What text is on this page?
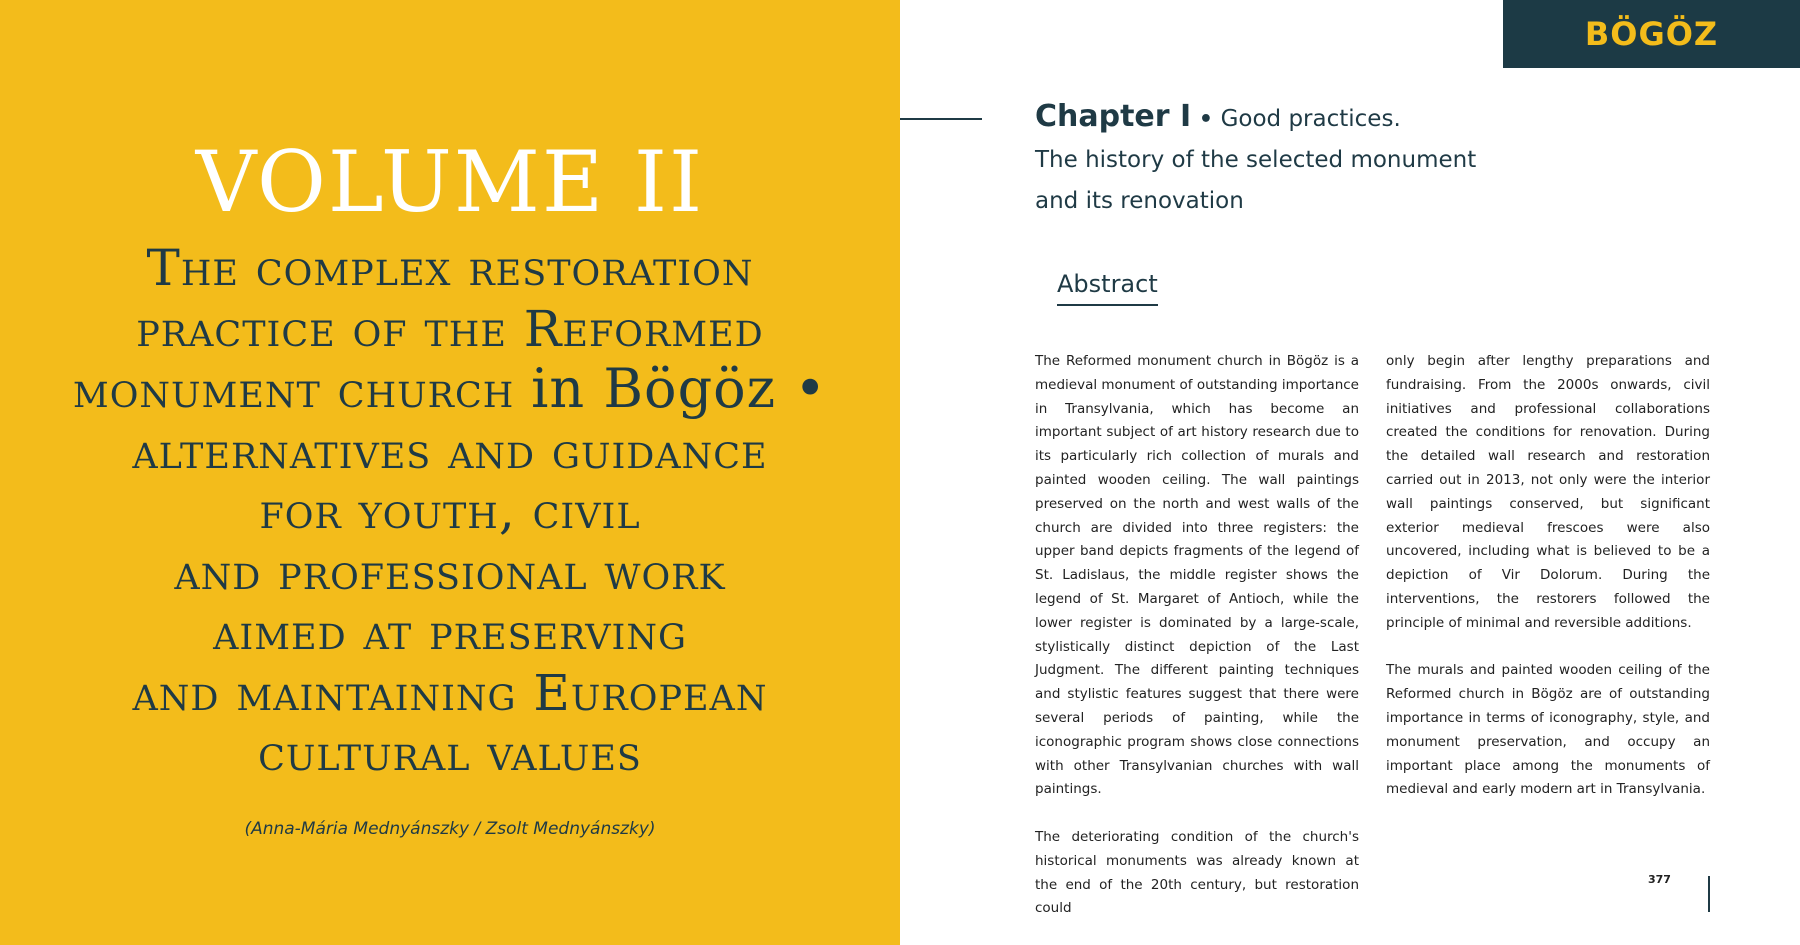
VOLUME II
The complex restoration
practice of the Reformed
monument church in Bögöz •
alternatives and guidance
for youth, civil
and professional work
aimed at preserving
and maintaining European
cultural values
(Anna-Mária Mednyánszky / Zsolt Mednyánszky)
BÖGÖZ
Chapter I • Good practices.
The history of the selected monument
and its renovation
Abstract

The Reformed monument church in Bögöz is a medieval monument of outstanding importance in Transylvania, which has become an important subject of art history research due to its particularly rich collection of murals and painted wooden ceiling. The wall paintings preserved on the north and west walls of the church are divided into three registers: the upper band depicts fragments of the legend of St. Ladislaus, the middle register shows the legend of St. Margaret of Antioch, while the lower register is dominated by a large-scale, stylistically distinct depiction of the Last Judgment. The different painting techniques and stylistic features suggest that there were several periods of painting, while the iconographic program shows close connections with other Transylvanian churches with wall paintings.

The deteriorating condition of the church's historical monuments was already known at the end of the 20th century, but restoration could

only begin after lengthy preparations and fundraising. From the 2000s onwards, civil initiatives and professional collaborations created the conditions for renovation. During the detailed wall research and restoration carried out in 2013, not only were the interior wall paintings conserved, but significant exterior medieval frescoes were also uncovered, including what is believed to be a depiction of Vir Dolorum. During the interventions, the restorers followed the principle of minimal and reversible additions.

The murals and painted wooden ceiling of the Reformed church in Bögöz are of outstanding importance in terms of iconography, style, and monument preservation, and occupy an important place among the monuments of medieval and early modern art in Transylvania.

377
